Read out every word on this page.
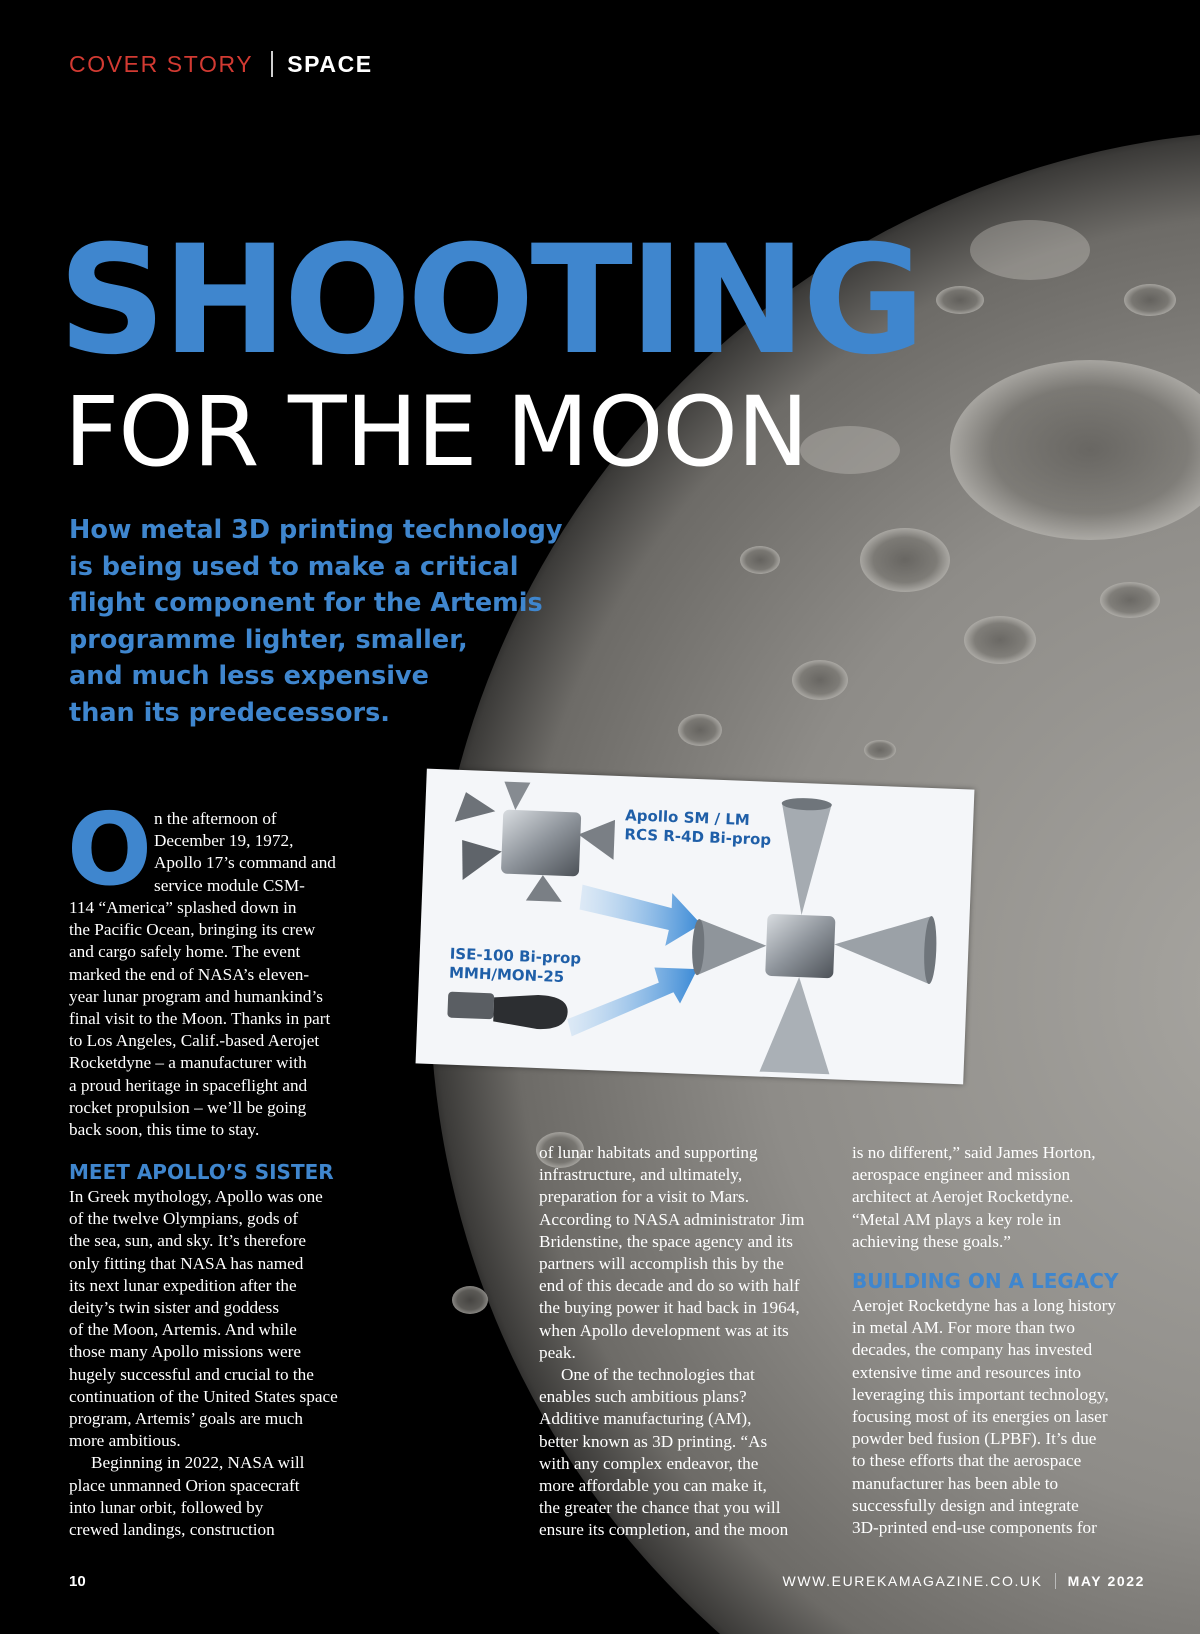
COVER STORY SPACE
SHOOTING
FOR THE MOON
How metal 3D printing technology
is being used to make a critical
flight component for the Artemis
programme lighter, smaller,
and much less expensive
than its predecessors.
Apollo SM / LM
RCS R-4D Bi-prop
ISE-100 Bi-prop
MMH/MON-25
O n the afternoon of
December 19, 1972,
Apollo 17’s command and
service module CSM-
114 “America” splashed down in
the Pacific Ocean, bringing its crew
and cargo safely home. The event
marked the end of NASA’s eleven-
year lunar program and humankind’s
final visit to the Moon. Thanks in part
to Los Angeles, Calif.-based Aerojet
Rocketdyne – a manufacturer with
a proud heritage in spaceflight and
rocket propulsion – we’ll be going
back soon, this time to stay.
MEET APOLLO’S SISTER
In Greek mythology, Apollo was one
of the twelve Olympians, gods of
the sea, sun, and sky. It’s therefore
only fitting that NASA has named
its next lunar expedition after the
deity’s twin sister and goddess
of the Moon, Artemis. And while
those many Apollo missions were
hugely successful and crucial to the
continuation of the United States space
program, Artemis’ goals are much
more ambitious.
Beginning in 2022, NASA will
place unmanned Orion spacecraft
into lunar orbit, followed by
crewed landings, construction
of lunar habitats and supporting
infrastructure, and ultimately,
preparation for a visit to Mars.
According to NASA administrator Jim
Bridenstine, the space agency and its
partners will accomplish this by the
end of this decade and do so with half
the buying power it had back in 1964,
when Apollo development was at its
peak.
One of the technologies that
enables such ambitious plans?
Additive manufacturing (AM),
better known as 3D printing. “As
with any complex endeavor, the
more affordable you can make it,
the greater the chance that you will
ensure its completion, and the moon
is no different,” said James Horton,
aerospace engineer and mission
architect at Aerojet Rocketdyne.
“Metal AM plays a key role in
achieving these goals.”
BUILDING ON A LEGACY
Aerojet Rocketdyne has a long history
in metal AM. For more than two
decades, the company has invested
extensive time and resources into
leveraging this important technology,
focusing most of its energies on laser
powder bed fusion (LPBF). It’s due
to these efforts that the aerospace
manufacturer has been able to
successfully design and integrate
3D-printed end-use components for
10	WWW.EUREKAMAGAZINE.CO.UK MAY 2022
